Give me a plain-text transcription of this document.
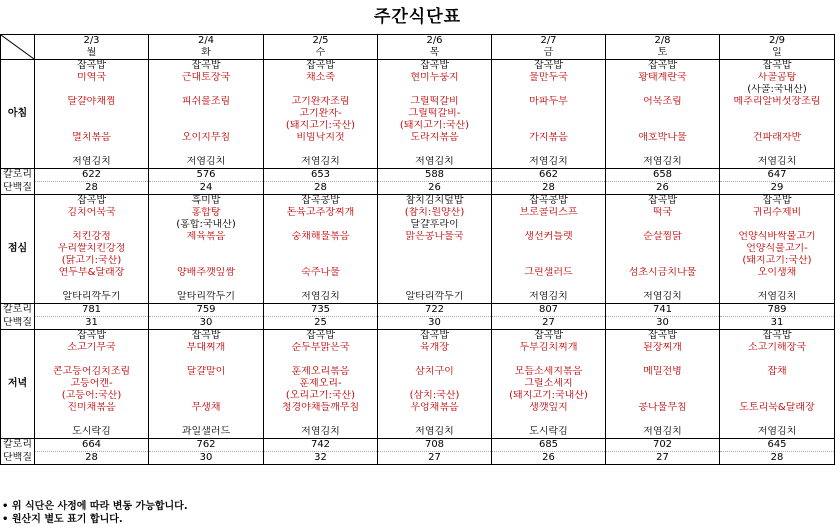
주간식단표
	2/3	2/4	2/5	2/6	2/7	2/8	2/9
	월	화	수	목	금	토	일
아침	잡곡밥	잡곡밥	잡곡밥	잡곡밥	잡곡밥	잡곡밥	잡곡밥
	미역국	근대토장국	채소죽	현미누룽지	물만두국	황태계란국	사골곰탕
							(사골:국내산)
	달걀야채찜	피쉬볼조림	고기완자조림	그릴떡갈비	마파두부	어묵조림	메추리알버섯장조림
			고기완자-	그릴떡갈비-			
			(돼지고기:국산)	(돼지고기:국산)			
	멸치볶음	오이지무침	비빔낙지젓	도라지볶음	가지볶음	애호박나물	건파래자반

	저염김치	저염김치	저염김치	저염김치	저염김치	저염김치	저염김치
칼로리	622	576	653	588	662	658	647
단백질	28	24	28	26	28	26	29
점심	잡곡밥	흑미밥	잡곡콩밥	참치김치덮밥	잡곡콩밥	잡곡밥	잡곡밥
	김치어묵국	홍합탕	돈육고추장찌개	(참치:원양산)	브로콜리스프	떡국	귀리수제비
		(홍합:국내산)		달걀후라이			
	치킨강정	제육볶음	숭채해물볶음	맑은콩나물국	생선커틀렛	순살찜닭	언양식바싹불고기
	우리쌀치킨강정						언양식불고기-
	(닭고기:국산)						(돼지고기:국산)
	연두부&달래장	양배추깻잎쌈	숙주나물		그린샐러드	섬초시금치나물	오이생채

	알타리깍두기	알타리깍두기	저염김치	알타리깍두기	저염김치	저염김치	저염김치
칼로리	781	759	735	722	807	741	789
단백질	31	30	25	30	27	30	31
저녁	잡곡밥	잡곡밥	잡곡밥	잡곡밥	잡곡밥	잡곡밥	잡곡밥
	소고기무국	부대찌개	순두부맑은국	육개장	두부김치찌개	된장찌개	소고기해장국

	콘고등어김치조림	달걀말이	훈제오리볶음	삼치구이	모듬소세지볶음	메밀전병	잡채
	고등어캔-		훈제오리-		그릴소세지		
	(고등어:국산)		(오리고기:국산)	(삼치:국산)	(돼지고기:국내산)		
	진미채볶음	무생채	청경야채들깨무침	우엉채볶음	생깻잎지	콩나물무침	도토리묵&달래장

	도시락김	과일샐러드	저염김치	저염김치	도시락김	저염김치	저염김치
칼로리	664	762	742	708	685	702	645
단백질	28	30	32	27	26	27	28
• 위 식단은 사정에 따라 변동 가능합니다.
• 원산지 별도 표기 합니다.
